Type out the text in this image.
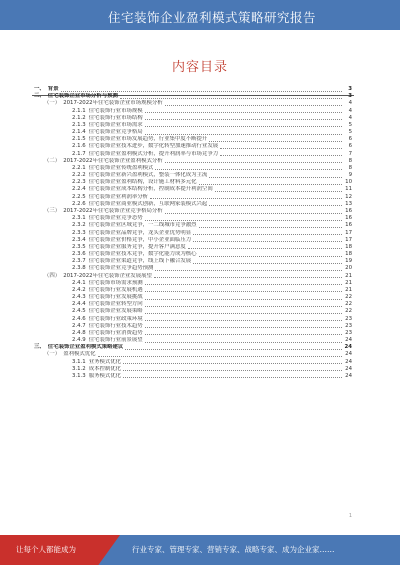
住宅装饰企业盈利模式策略研究报告
内容目录
一、 背景	3
二、 住宅装饰企业市场分析与预测	3
（一） 2017-2022年住宅装饰企业市场规模分析	4
2.1.1 住宅装饰行业市场规模	4
2.1.2 住宅装饰行业市场结构	4
2.1.3 住宅装饰企业市场需求	5
2.1.4 住宅装饰企业竞争格局	5
2.1.5 住宅装饰企业市场发展趋势，行业集中度不断提升	6
2.1.6 住宅装饰企业技术进步，数字化转型加速推动行业发展	6
2.1.7 住宅装饰企业盈利模式分析，提升利润率与市场竞争力	7
（二） 2017-2022年住宅装饰企业盈利模式分析	8
2.2.1 住宅装饰企业传统盈利模式	8
2.2.2 住宅装饰企业新兴盈利模式，整装一体化成为主流	9
2.2.3 住宅装饰企业盈利结构，设计施工材料多元化	10
2.2.4 住宅装饰企业成本结构分析，控制成本提升利润空间	11
2.2.5 住宅装饰企业利润率分析	12
2.2.6 住宅装饰企业商业模式创新，互联网家装模式兴起	13
（三） 2017-2022年住宅装饰企业竞争格局分析	16
2.3.1 住宅装饰企业竞争态势	16
2.3.2 住宅装饰企业区域竞争，一二线城市竞争激烈	16
2.3.3 住宅装饰企业品牌竞争，龙头企业优势明显	17
2.3.4 住宅装饰企业价格竞争，中小企业面临压力	17
2.3.5 住宅装饰企业服务竞争，提升客户满意度	18
2.3.6 住宅装饰企业技术竞争，数字化能力成为核心	18
2.3.7 住宅装饰企业渠道竞争，线上线下融合发展	19
2.3.8 住宅装饰企业竞争趋势预测	20
（四） 2017-2022年住宅装饰企业发展展望	21
2.4.1 住宅装饰市场需求预测	21
2.4.2 住宅装饰行业发展机遇	21
2.4.3 住宅装饰行业发展挑战	22
2.4.4 住宅装饰企业转型方向	22
2.4.5 住宅装饰企业发展策略	22
2.4.6 住宅装饰行业政策环境	23
2.4.7 住宅装饰行业技术趋势	23
2.4.8 住宅装饰行业消费趋势	23
2.4.9 住宅装饰行业前景展望	24
三、 住宅装饰企业盈利模式策略建议	24
（一） 盈利模式优化	24
3.1.1 业务模式优化	24
3.1.2 成本控制优化	24
3.1.3 服务模式优化	24
1
让每个人都能成为	行业专家、管理专家、营销专家、战略专家、成为企业家……
